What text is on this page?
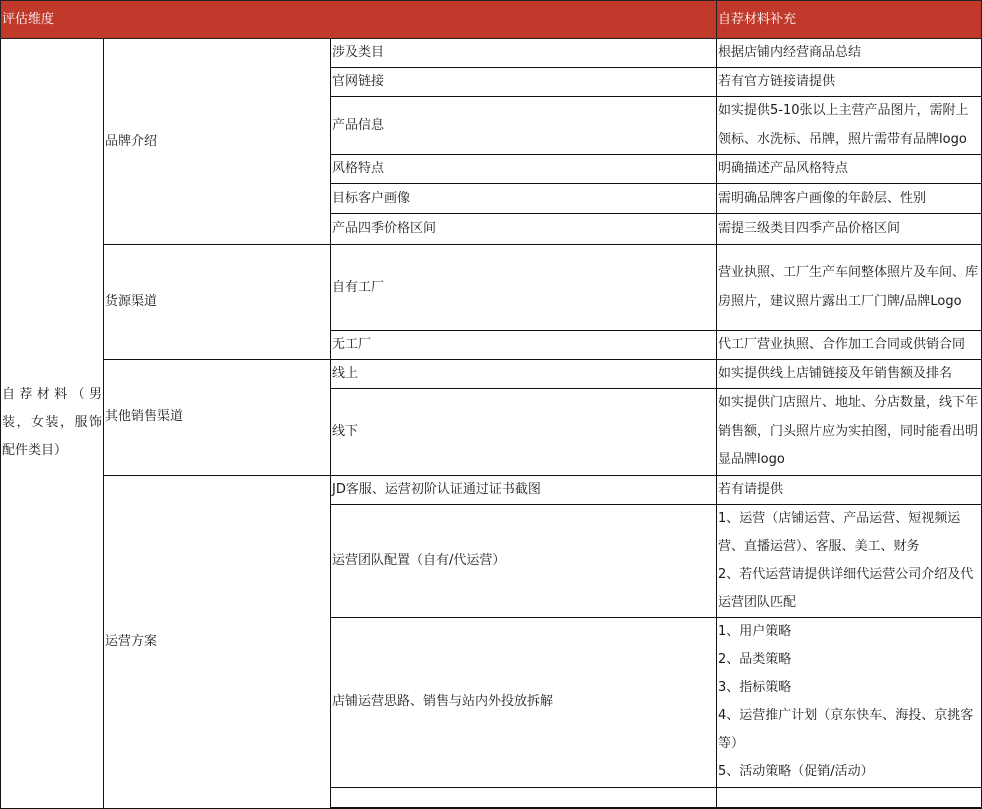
评估维度			自荐材料补充

自荐材料（男装，女装，服饰配件类目）	品牌介绍	涉及类目	根据店铺内经营商品总结
		官网链接	若有官方链接请提供
		产品信息	如实提供5-10张以上主营产品图片，需附上领标、水洗标、吊牌，照片需带有品牌logo
		风格特点	明确描述产品风格特点
		目标客户画像	需明确品牌客户画像的年龄层、性别
		产品四季价格区间	需提三级类目四季产品价格区间
	货源渠道	自有工厂	营业执照、工厂生产车间整体照片及车间、库房照片，建议照片露出工厂门牌/品牌Logo
		无工厂	代工厂营业执照、合作加工合同或供销合同
	其他销售渠道	线上	如实提供线上店铺链接及年销售额及排名
		线下	如实提供门店照片、地址、分店数量，线下年销售额，门头照片应为实拍图，同时能看出明显品牌logo
	运营方案	JD客服、运营初阶认证通过证书截图	若有请提供
		运营团队配置（自有/代运营）	1、运营（店铺运营、产品运营、短视频运营、直播运营）、客服、美工、财务
2、若代运营请提供详细代运营公司介绍及代运营团队匹配

		店铺运营思路、销售与站内外投放拆解	1、用户策略
2、品类策略
3、指标策略
4、运营推广计划（京东快车、海投、京挑客等）
5、活动策略（促销/活动）
